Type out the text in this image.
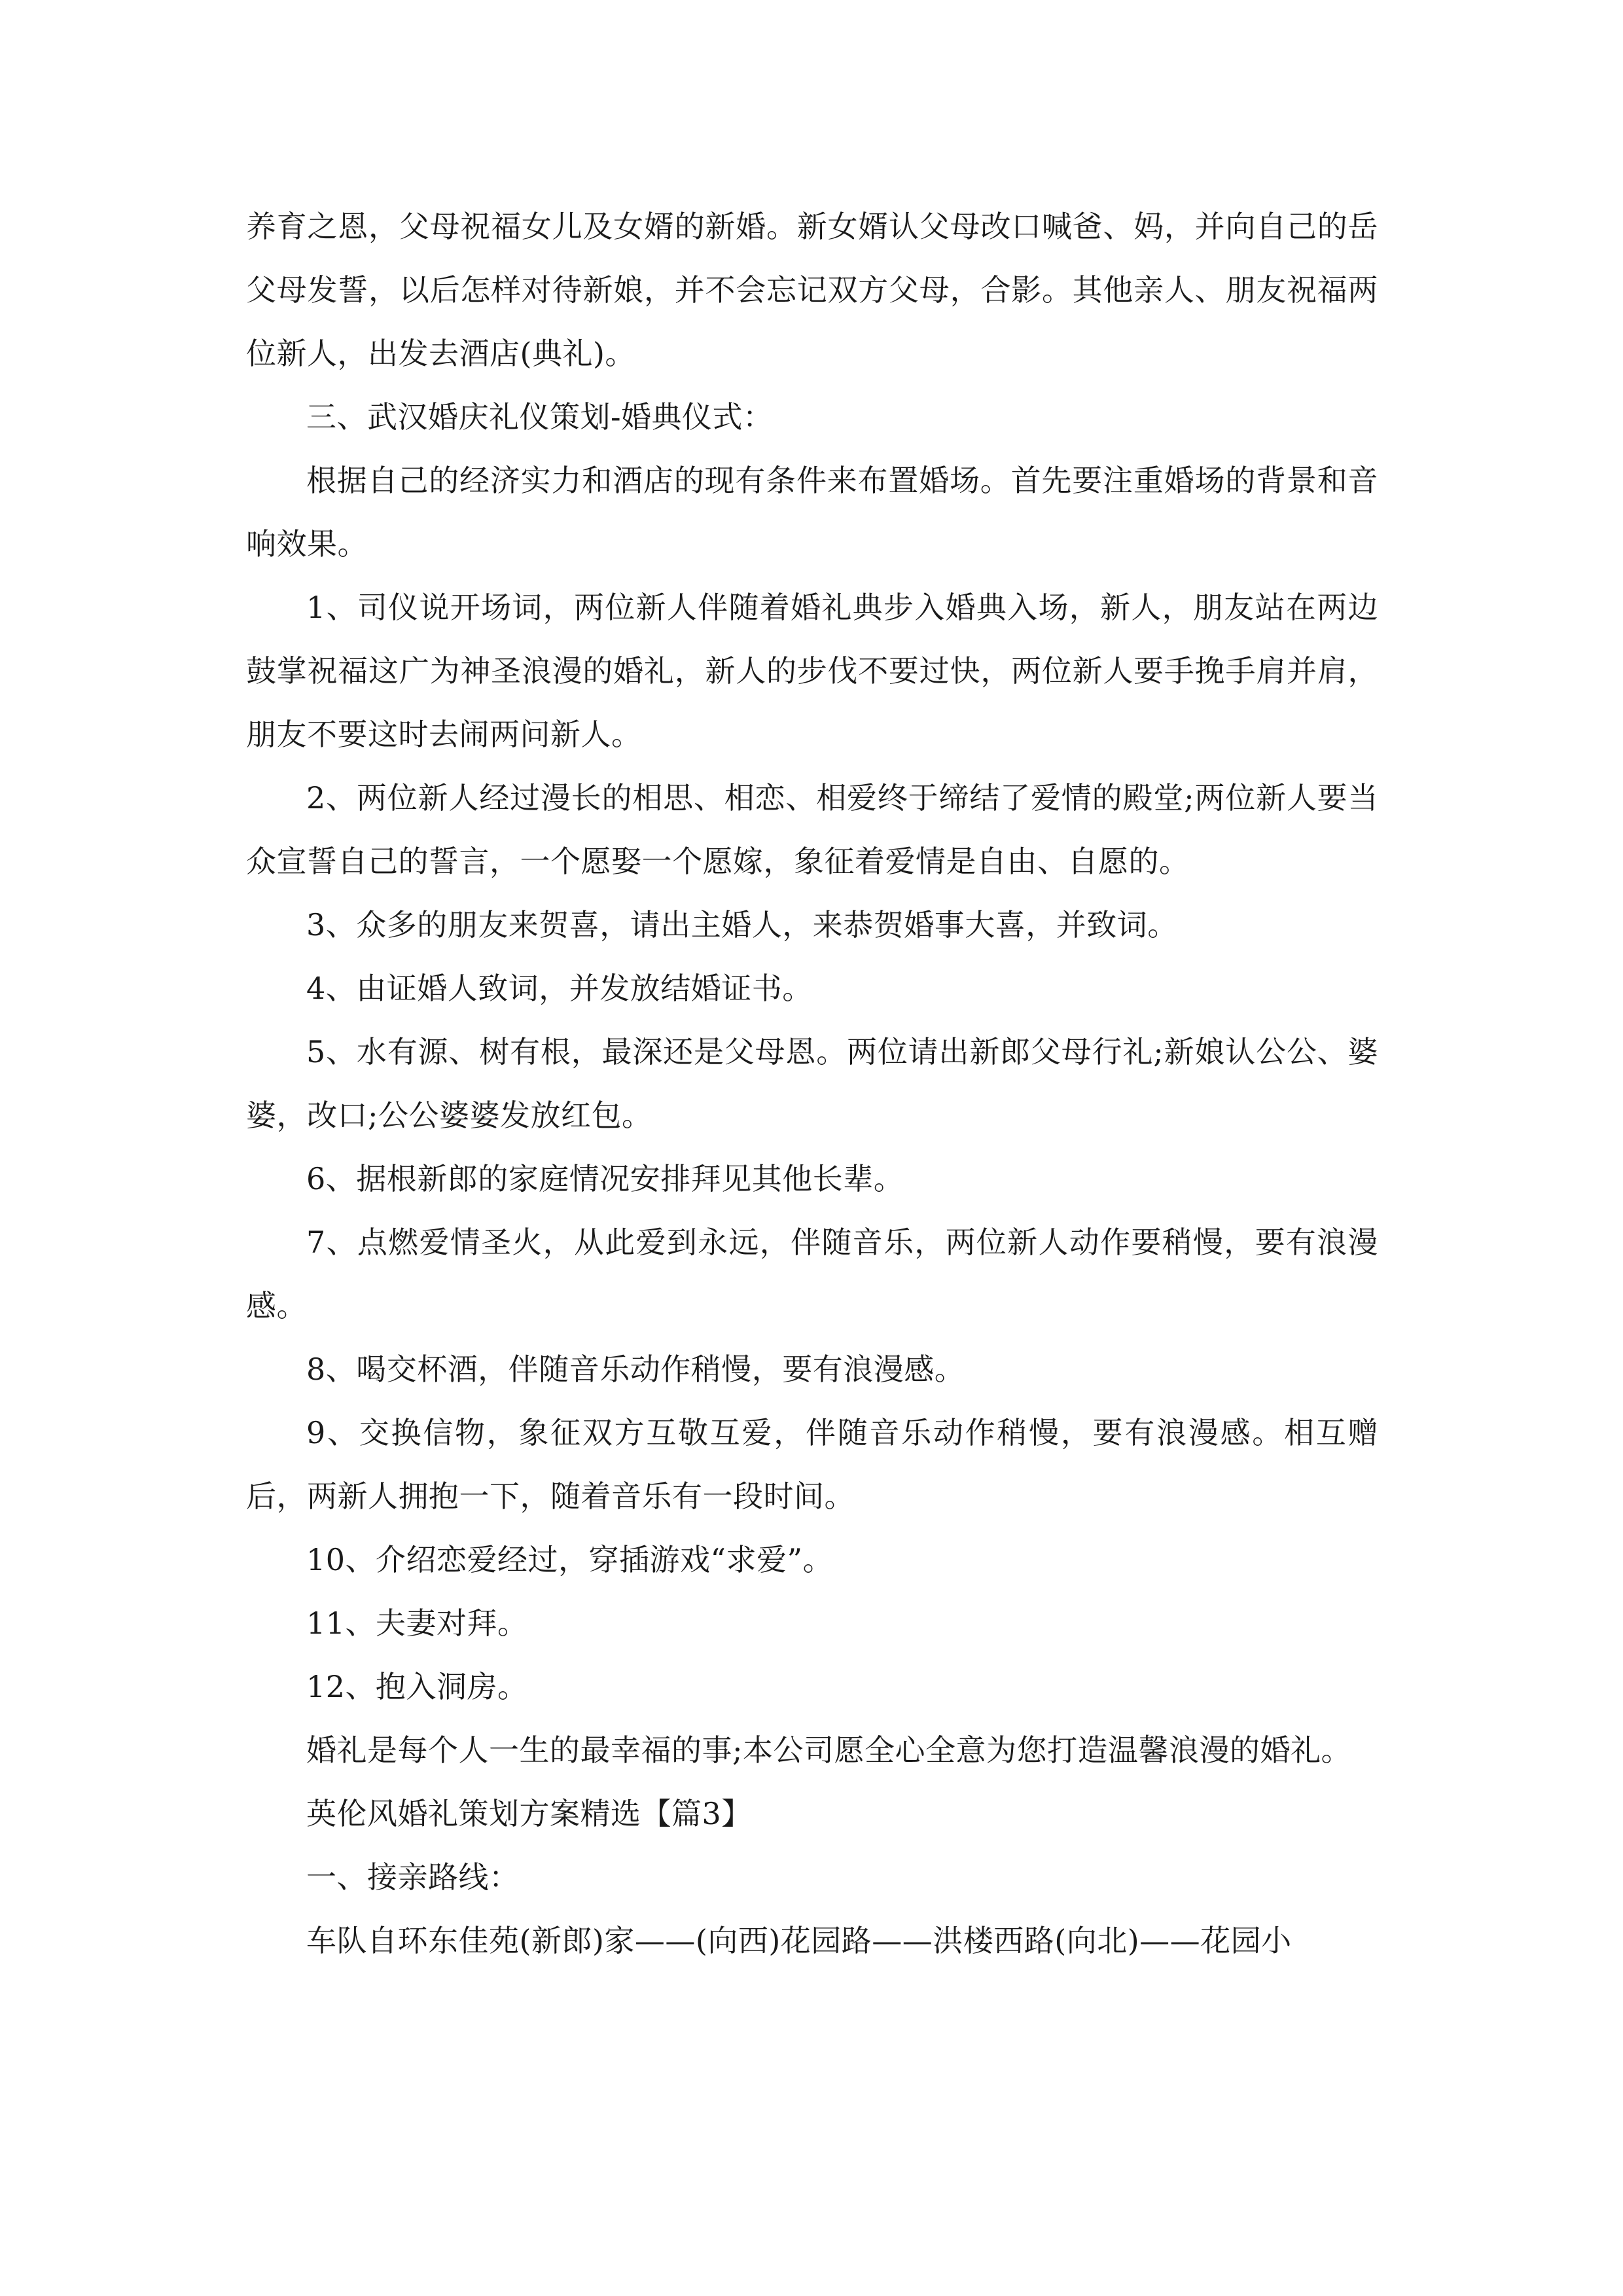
养育之恩，父母祝福女儿及女婿的新婚。新女婿认父母改口喊爸、妈，并向自己的岳父母发誓，以后怎样对待新娘，并不会忘记双方父母，合影。其他亲人、朋友祝福两位新人，出发去酒店(典礼)。

三、武汉婚庆礼仪策划-婚典仪式：

根据自己的经济实力和酒店的现有条件来布置婚场。首先要注重婚场的背景和音响效果。

1、司仪说开场词，两位新人伴随着婚礼典步入婚典入场，新人，朋友站在两边鼓掌祝福这广为神圣浪漫的婚礼，新人的步伐不要过快，两位新人要手挽手肩并肩，朋友不要这时去闹两问新人。

2、两位新人经过漫长的相思、相恋、相爱终于缔结了爱情的殿堂;两位新人要当众宣誓自己的誓言，一个愿娶一个愿嫁，象征着爱情是自由、自愿的。

3、众多的朋友来贺喜，请出主婚人，来恭贺婚事大喜，并致词。

4、由证婚人致词，并发放结婚证书。

5、水有源、树有根，最深还是父母恩。两位请出新郎父母行礼;新娘认公公、婆婆，改口;公公婆婆发放红包。

6、据根新郎的家庭情况安排拜见其他长辈。

7、点燃爱情圣火，从此爱到永远，伴随音乐，两位新人动作要稍慢，要有浪漫感。

8、喝交杯酒，伴随音乐动作稍慢，要有浪漫感。

9、交换信物，象征双方互敬互爱，伴随音乐动作稍慢，要有浪漫感。相互赠后，两新人拥抱一下，随着音乐有一段时间。

10、介绍恋爱经过，穿插游戏“求爱”。

11、夫妻对拜。

12、抱入洞房。

婚礼是每个人一生的最幸福的事;本公司愿全心全意为您打造温馨浪漫的婚礼。

英伦风婚礼策划方案精选【篇3】

一、接亲路线：

车队自环东佳苑(新郎)家——(向西)花园路——洪楼西路(向北)——花园小
